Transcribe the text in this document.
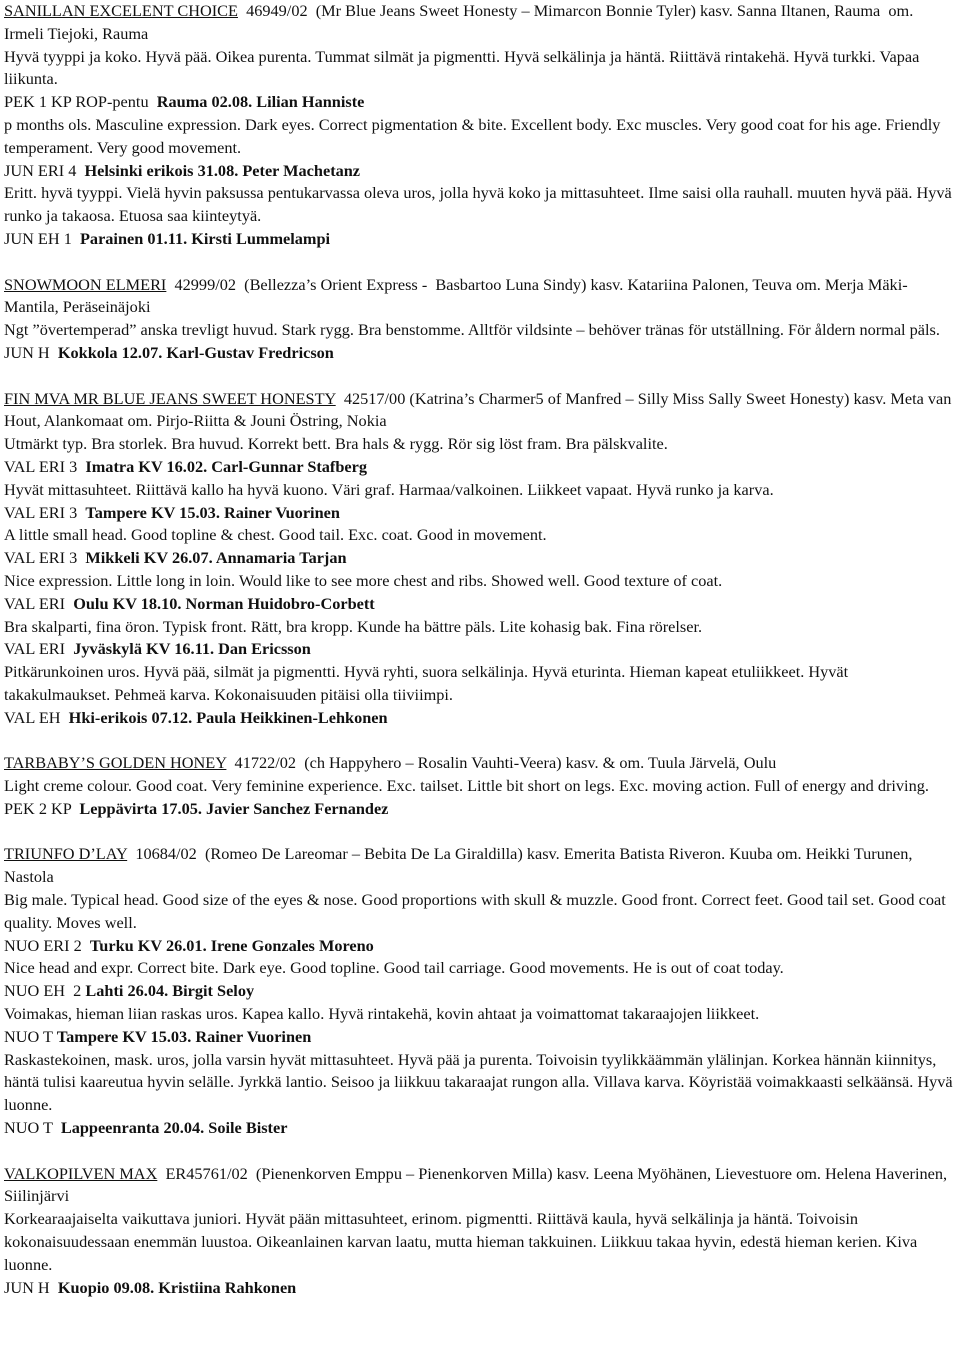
SANILLAN EXCELENT CHOICE  46949/02  (Mr Blue Jeans Sweet Honesty – Mimarcon Bonnie Tyler) kasv. Sanna Iltanen, Rauma  om. Irmeli Tiejoki, Rauma
Hyvä tyyppi ja koko. Hyvä pää. Oikea purenta. Tummat silmät ja pigmentti. Hyvä selkälinja ja häntä. Riittävä rintakehä. Hyvä turkki. Vapaa liikunta.
PEK 1 KP ROP-pentu  Rauma 02.08. Lilian Hanniste
p months ols. Masculine expression. Dark eyes. Correct pigmentation & bite. Excellent body. Exc muscles. Very good coat for his age. Friendly temperament. Very good movement.
JUN ERI 4  Helsinki erikois 31.08. Peter Machetanz
Eritt. hyvä tyyppi. Vielä hyvin paksussa pentukarvassa oleva uros, jolla hyvä koko ja mittasuhteet. Ilme saisi olla rauhall. muuten hyvä pää. Hyvä runko ja takaosa. Etuosa saa kiinteytyä.
JUN EH 1  Parainen 01.11. Kirsti Lummelampi
SNOWMOON ELMERI  42999/02  (Bellezza’s Orient Express -  Basbartoo Luna Sindy) kasv. Katariina Palonen, Teuva om. Merja Mäki-Mantila, Peräseinäjoki
Ngt ”övertemperad” anska trevligt huvud. Stark rygg. Bra benstomme. Alltför vildsinte – behöver tränas för utställning. För åldern normal päls.
JUN H  Kokkola 12.07. Karl-Gustav Fredricson
FIN MVA MR BLUE JEANS SWEET HONESTY  42517/00 (Katrina’s Charmer5 of Manfred – Silly Miss Sally Sweet Honesty) kasv. Meta van Hout, Alankomaat om. Pirjo-Riitta & Jouni Östring, Nokia
Utmärkt typ. Bra storlek. Bra huvud. Korrekt bett. Bra hals & rygg. Rör sig löst fram. Bra pälskvalite.
VAL ERI 3  Imatra KV 16.02. Carl-Gunnar Stafberg
Hyvät mittasuhteet. Riittävä kallo ha hyvä kuono. Väri graf. Harmaa/valkoinen. Liikkeet vapaat. Hyvä runko ja karva.
VAL ERI 3  Tampere KV 15.03. Rainer Vuorinen
A little small head. Good topline & chest. Good tail. Exc. coat. Good in movement.
VAL ERI 3  Mikkeli KV 26.07. Annamaria Tarjan
Nice expression. Little long in loin. Would like to see more chest and ribs. Showed well. Good texture of coat.
VAL ERI  Oulu KV 18.10. Norman Huidobro-Corbett
Bra skalparti, fina öron. Typisk front. Rätt, bra kropp. Kunde ha bättre päls. Lite kohasig bak. Fina rörelser.
VAL ERI  Jyväskylä KV 16.11. Dan Ericsson
Pitkärunkoinen uros. Hyvä pää, silmät ja pigmentti. Hyvä ryhti, suora selkälinja. Hyvä eturinta. Hieman kapeat etuliikkeet. Hyvät takakulmaukset. Pehmeä karva. Kokonaisuuden pitäisi olla tiiviimpi.
VAL EH  Hki-erikois 07.12. Paula Heikkinen-Lehkonen
TARBABY’S GOLDEN HONEY  41722/02  (ch Happyhero – Rosalin Vauhti-Veera) kasv. & om. Tuula Järvelä, Oulu
Light creme colour. Good coat. Very feminine experience. Exc. tailset. Little bit short on legs. Exc. moving action. Full of energy and driving.
PEK 2 KP  Leppävirta 17.05. Javier Sanchez Fernandez
TRIUNFO D’LAY  10684/02  (Romeo De Lareomar – Bebita De La Giraldilla) kasv. Emerita Batista Riveron. Kuuba om. Heikki Turunen, Nastola
Big male. Typical head. Good size of the eyes & nose. Good proportions with skull & muzzle. Good front. Correct feet. Good tail set. Good coat quality. Moves well.
NUO ERI 2  Turku KV 26.01. Irene Gonzales Moreno
Nice head and expr. Correct bite. Dark eye. Good topline. Good tail carriage. Good movements. He is out of coat today.
NUO EH  2 Lahti 26.04. Birgit Seloy
Voimakas, hieman liian raskas uros. Kapea kallo. Hyvä rintakehä, kovin ahtaat ja voimattomat takaraajojen liikkeet.
NUO T Tampere KV 15.03. Rainer Vuorinen
Raskastekoinen, mask. uros, jolla varsin hyvät mittasuhteet. Hyvä pää ja purenta. Toivoisin tyylikkäämmän ylälinjan. Korkea hännän kiinnitys, häntä tulisi kaareutua hyvin selälle. Jyrkkä lantio. Seisoo ja liikkuu takaraajat rungon alla. Villava karva. Köyristää voimakkaasti selkäänsä. Hyvä luonne.
NUO T  Lappeenranta 20.04. Soile Bister
VALKOPILVEN MAX  ER45761/02  (Pienenkorven Emppu – Pienenkorven Milla) kasv. Leena Myöhänen, Lievestuore om. Helena Haverinen, Siilinjärvi
Korkearaajaiselta vaikuttava juniori. Hyvät pään mittasuhteet, erinom. pigmentti. Riittävä kaula, hyvä selkälinja ja häntä. Toivoisin kokonaisuudessaan enemmän luustoa. Oikeanlainen karvan laatu, mutta hieman takkuinen. Liikkuu takaa hyvin, edestä hieman kerien. Kiva luonne.
JUN H  Kuopio 09.08. Kristiina Rahkonen
